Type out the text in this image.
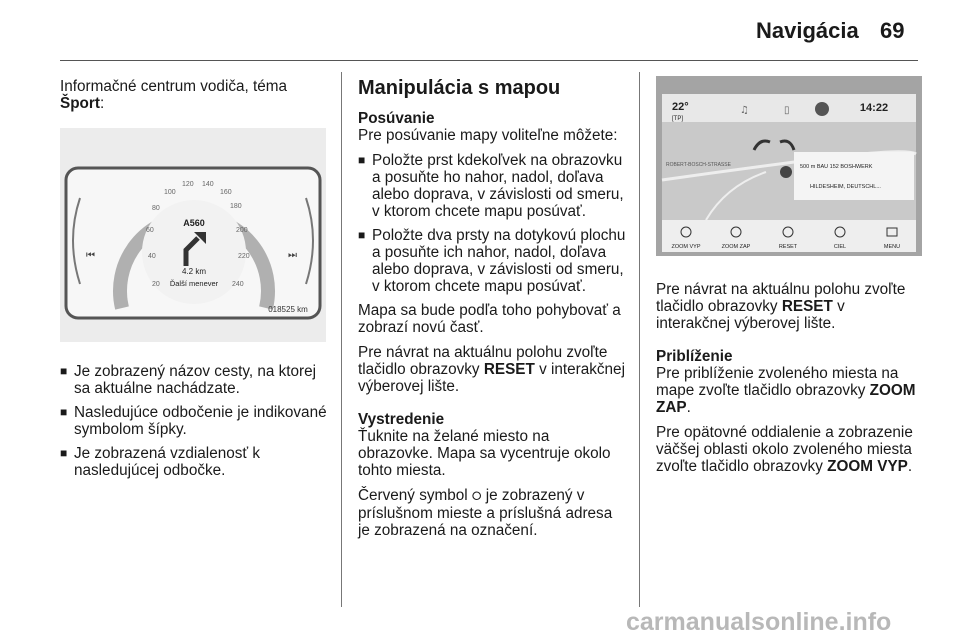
Navigácia 69

Informačné centrum vodiča, téma
Šport:

60
80
100
120 140
160
180
200
220
240
40
20
A560
4.2 km
Ďalší menever
⏮	⏭
018525 km
■ Je zobrazený názov cesty, na ktorej sa aktuálne nachádzate.
■ Nasledujúce odbočenie je indikované symbolom šípky.
■ Je zobrazená vzdialenosť k nasledujúcej odbočke.
Manipulácia s mapou
Posúvanie

Pre posúvanie mapy voliteľne môžete:

■ Položte prst kdekoľvek na obrazovku a posuňte ho nahor, nadol, doľava alebo doprava, v závislosti od smeru, v ktorom chcete mapu posúvať.
■ Položte dva prsty na dotykovú plochu a posuňte ich nahor, nadol, doľava alebo doprava, v závislosti od smeru, v ktorom chcete mapu posúvať.

Mapa sa bude podľa toho pohybovať a zobrazí novú časť.

Pre návrat na aktuálnu polohu zvoľte tlačidlo obrazovky RESET v interakčnej výberovej lište.

Vystredenie

Ťuknite na želané miesto na obrazovke. Mapa sa vycentruje okolo tohto miesta.

Červený symbol ⭘ je zobrazený v príslušnom mieste a príslušná adresa je zobrazená na označení.

22°
[TP]
14:22
♫	▯
ROBERT-BOSCH-STRASSE	500 m BAU 152 BOSHWERK
HILDESHEIM, DEUTSCHL...
ZOOM VYP	ZOOM ZAP	RESET	CIEL	MENU

Pre návrat na aktuálnu polohu zvoľte tlačidlo obrazovky RESET v interakčnej výberovej lište.

Priblíženie

Pre priblíženie zvoleného miesta na mape zvoľte tlačidlo obrazovky ZOOM ZAP.

Pre opätovné oddialenie a zobrazenie väčšej oblasti okolo zvoleného miesta zvoľte tlačidlo obrazovky ZOOM VYP.

carmanualsonline.info
